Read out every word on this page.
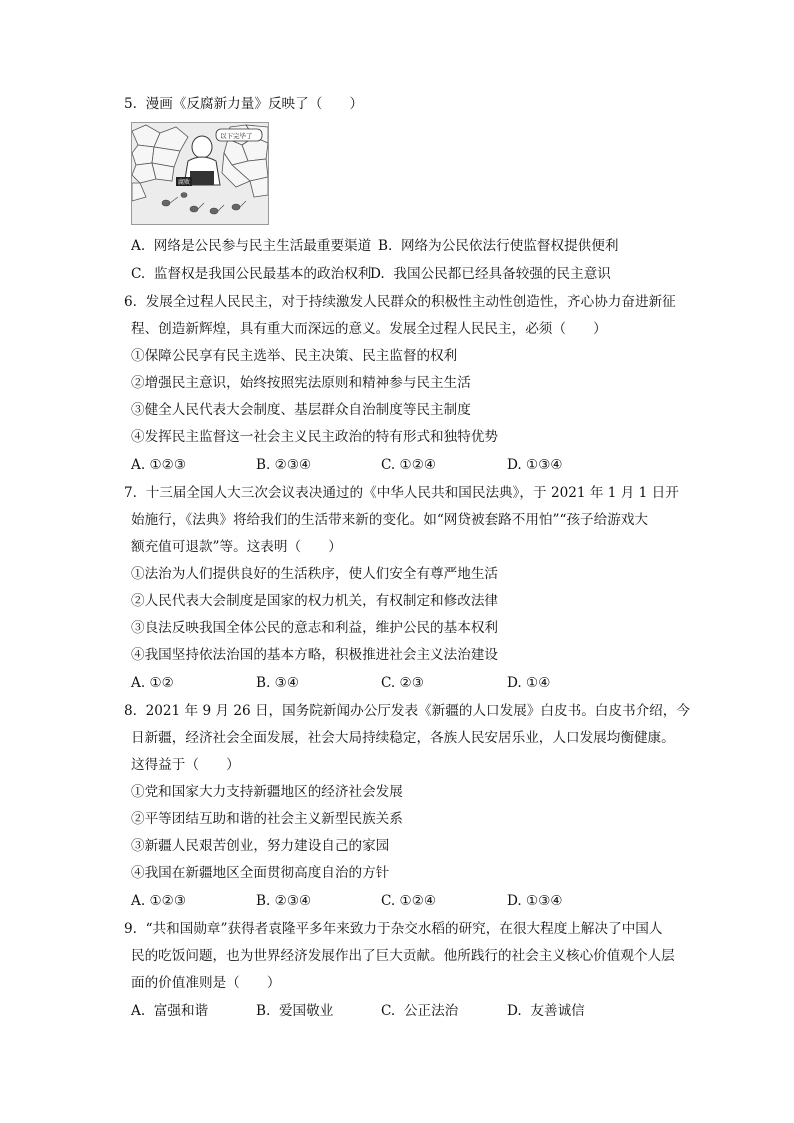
5.  漫画《反腐新力量》反映了（　　）
腐败
以下完毕了
A.  网络是公民参与民主生活最重要渠道 B.  网络为公民依法行使监督权提供便利
C.  监督权是我国公民最基本的政治权利
D.  我国公民都已经具备较强的民主意识
6.  发展全过程人民民主，对于持续激发人民群众的积极性主动性创造性，齐心协力奋进新征
程、创造新辉煌，具有重大而深远的意义。发展全过程人民民主，必须（　　）
①保障公民享有民主选举、民主决策、民主监督的权利
②增强民主意识，始终按照宪法原则和精神参与民主生活
③健全人民代表大会制度、基层群众自治制度等民主制度
④发挥民主监督这一社会主义民主政治的特有形式和独特优势
A. ①②③	B. ②③④	C. ①②④	D. ①③④
7.  十三届全国人大三次会议表决通过的《中华人民共和国民法典》，于 2021 年 1 月 1 日开
始施行，《法典》将给我们的生活带来新的变化。如“网贷被套路不用怕”“孩子给游戏大
额充值可退款”等。这表明（　　）
①法治为人们提供良好的生活秩序，使人们安全有尊严地生活
②人民代表大会制度是国家的权力机关，有权制定和修改法律
③良法反映我国全体公民的意志和利益，维护公民的基本权利
④我国坚持依法治国的基本方略，积极推进社会主义法治建设
A. ①②	B. ③④	C. ②③	D. ①④
8.  2021 年 9 月 26 日，国务院新闻办公厅发表《新疆的人口发展》白皮书。白皮书介绍，今
日新疆，经济社会全面发展，社会大局持续稳定，各族人民安居乐业，人口发展均衡健康。
这得益于（　　）
①党和国家大力支持新疆地区的经济社会发展
②平等团结互助和谐的社会主义新型民族关系
③新疆人民艰苦创业，努力建设自己的家园
④我国在新疆地区全面贯彻高度自治的方针
A. ①②③	B. ②③④	C. ①②④	D. ①③④
9.  “共和国勋章”获得者袁隆平多年来致力于杂交水稻的研究，在很大程度上解决了中国人
民的吃饭问题，也为世界经济发展作出了巨大贡献。他所践行的社会主义核心价值观个人层
面的价值准则是（　　）
A.  富强和谐	B.  爱国敬业	C.  公正法治	D.  友善诚信
